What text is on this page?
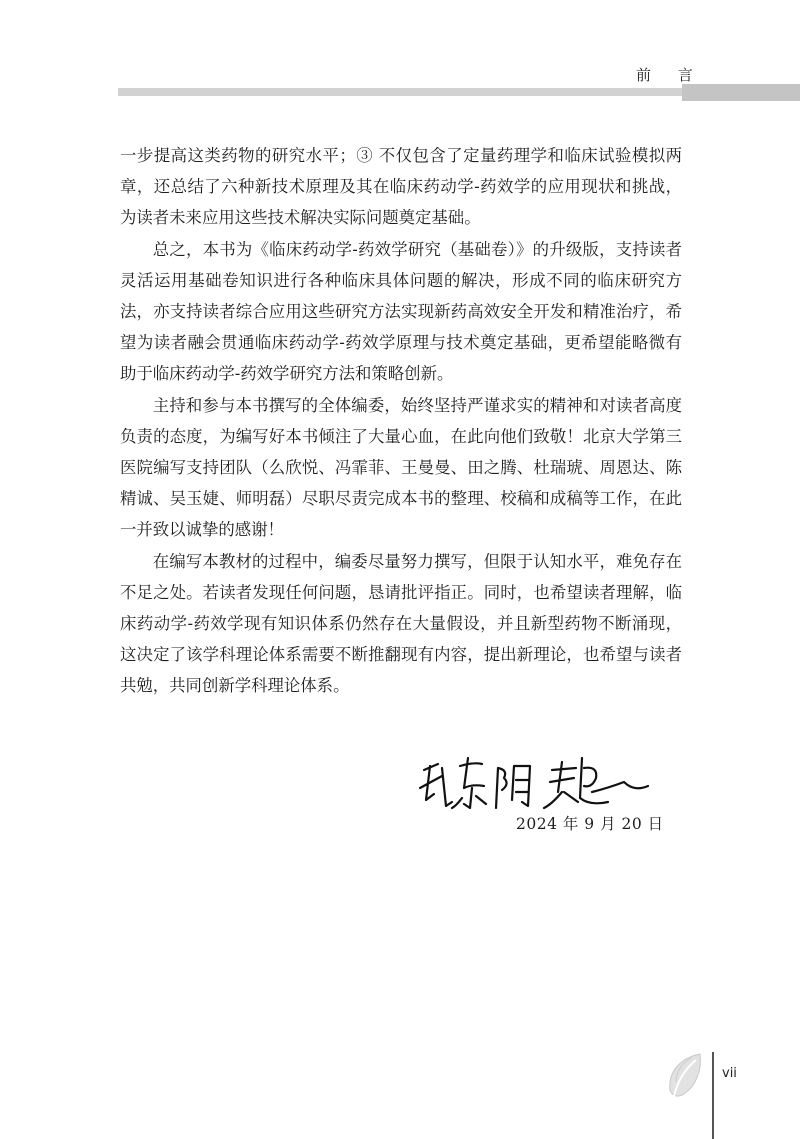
前 言

一步提高这类药物的研究水平；③ 不仅包含了定量药理学和临床试验模拟两章，还总结了六种新技术原理及其在临床药动学-药效学的应用现状和挑战，为读者未来应用这些技术解决实际问题奠定基础。

总之，本书为《临床药动学-药效学研究（基础卷）》的升级版，支持读者灵活运用基础卷知识进行各种临床具体问题的解决，形成不同的临床研究方法，亦支持读者综合应用这些研究方法实现新药高效安全开发和精准治疗，希望为读者融会贯通临床药动学-药效学原理与技术奠定基础，更希望能略微有助于临床药动学-药效学研究方法和策略创新。

主持和参与本书撰写的全体编委，始终坚持严谨求实的精神和对读者高度负责的态度，为编写好本书倾注了大量心血，在此向他们致敬！北京大学第三医院编写支持团队（么欣悦、冯霏菲、王曼曼、田之腾、杜瑞琥、周恩达、陈精诚、吴玉婕、师明磊）尽职尽责完成本书的整理、校稿和成稿等工作，在此一并致以诚挚的感谢！

在编写本教材的过程中，编委尽量努力撰写，但限于认知水平，难免存在不足之处。若读者发现任何问题，恳请批评指正。同时，也希望读者理解，临床药动学-药效学现有知识体系仍然存在大量假设，并且新型药物不断涌现，这决定了该学科理论体系需要不断推翻现有内容，提出新理论，也希望与读者共勉，共同创新学科理论体系。

2024 年 9 月 20 日
vii
